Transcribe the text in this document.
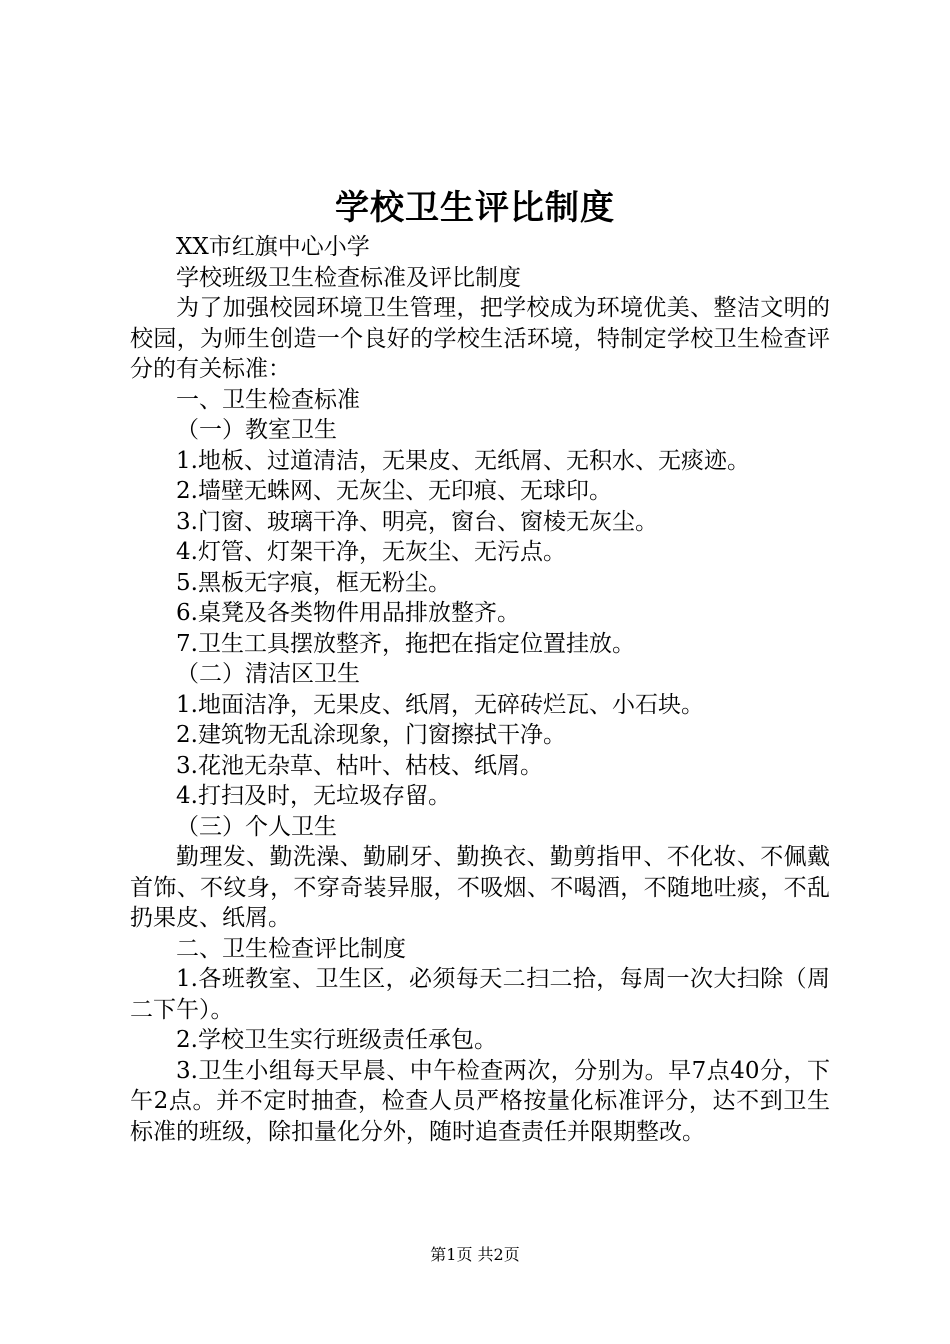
学校卫生评比制度
XX市红旗中心小学
学校班级卫生检查标准及评比制度
为了加强校园环境卫生管理，把学校成为环境优美、整洁文明的校园，为师生创造一个良好的学校生活环境，特制定学校卫生检查评分的有关标准：
一、卫生检查标准
（一）教室卫生
1.地板、过道清洁，无果皮、无纸屑、无积水、无痰迹。
2.墙壁无蛛网、无灰尘、无印痕、无球印。
3.门窗、玻璃干净、明亮，窗台、窗棱无灰尘。
4.灯管、灯架干净，无灰尘、无污点。
5.黑板无字痕，框无粉尘。
6.桌凳及各类物件用品排放整齐。
7.卫生工具摆放整齐，拖把在指定位置挂放。
（二）清洁区卫生
1.地面洁净，无果皮、纸屑，无碎砖烂瓦、小石块。
2.建筑物无乱涂现象，门窗擦拭干净。
3.花池无杂草、枯叶、枯枝、纸屑。
4.打扫及时，无垃圾存留。
（三）个人卫生
勤理发、勤洗澡、勤刷牙、勤换衣、勤剪指甲、不化妆、不佩戴首饰、不纹身，不穿奇装异服，不吸烟、不喝酒，不随地吐痰，不乱扔果皮、纸屑。
二、卫生检查评比制度
1.各班教室、卫生区，必须每天二扫二拾，每周一次大扫除（周二下午）。
2.学校卫生实行班级责任承包。
3.卫生小组每天早晨、中午检查两次，分别为。早7点40分，下午2点。并不定时抽查，检查人员严格按量化标准评分，达不到卫生标准的班级，除扣量化分外，随时追查责任并限期整改。
第1页 共2页
